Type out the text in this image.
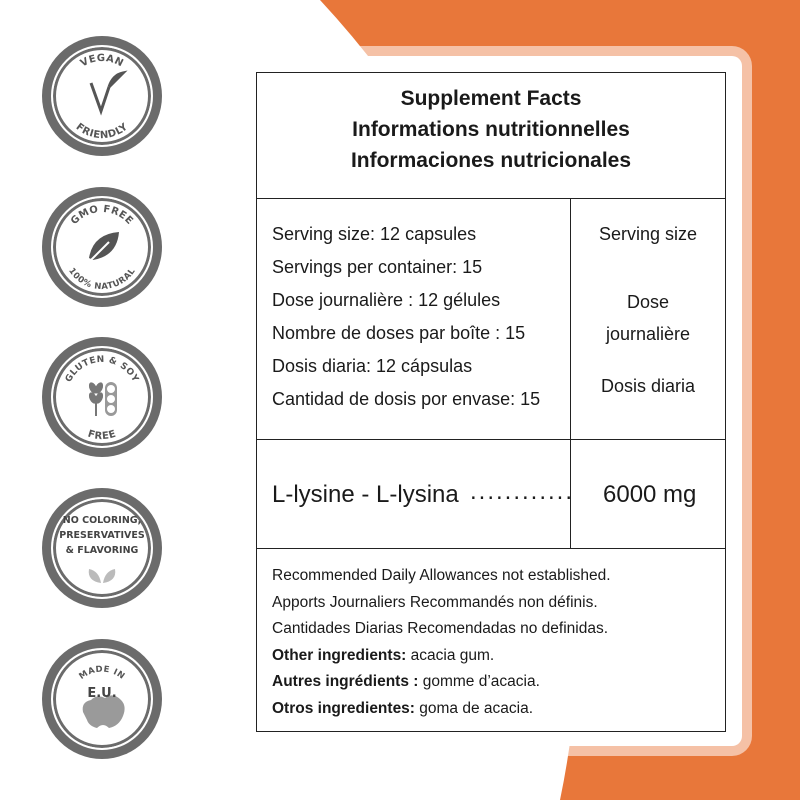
VEGAN
FRIENDLY
GMO FREE
100% NATURAL
GLUTEN & SOY
FREE
NO COLORING,
PRESERVATIVES
& FLAVORING
MADE IN
E.U.
Supplement Facts
Informations nutritionnelles
Informaciones nutricionales
Serving size: 12 capsules
Servings per container: 15
Dose journalière : 12 gélules
Nombre de doses par boîte : 15
Dosis diaria: 12 cápsulas
Cantidad de dosis por envase: 15
Serving size
Dose
journalière
Dosis diaria
L-lysine - L-lysina ............ 6000 mg
Recommended Daily Allowances not established.
Apports Journaliers Recommandés non définis.
Cantidades Diarias Recomendadas no definidas.
Other ingredients: acacia gum.
Autres ingrédients : gomme d’acacia.
Otros ingredientes: goma de acacia.
